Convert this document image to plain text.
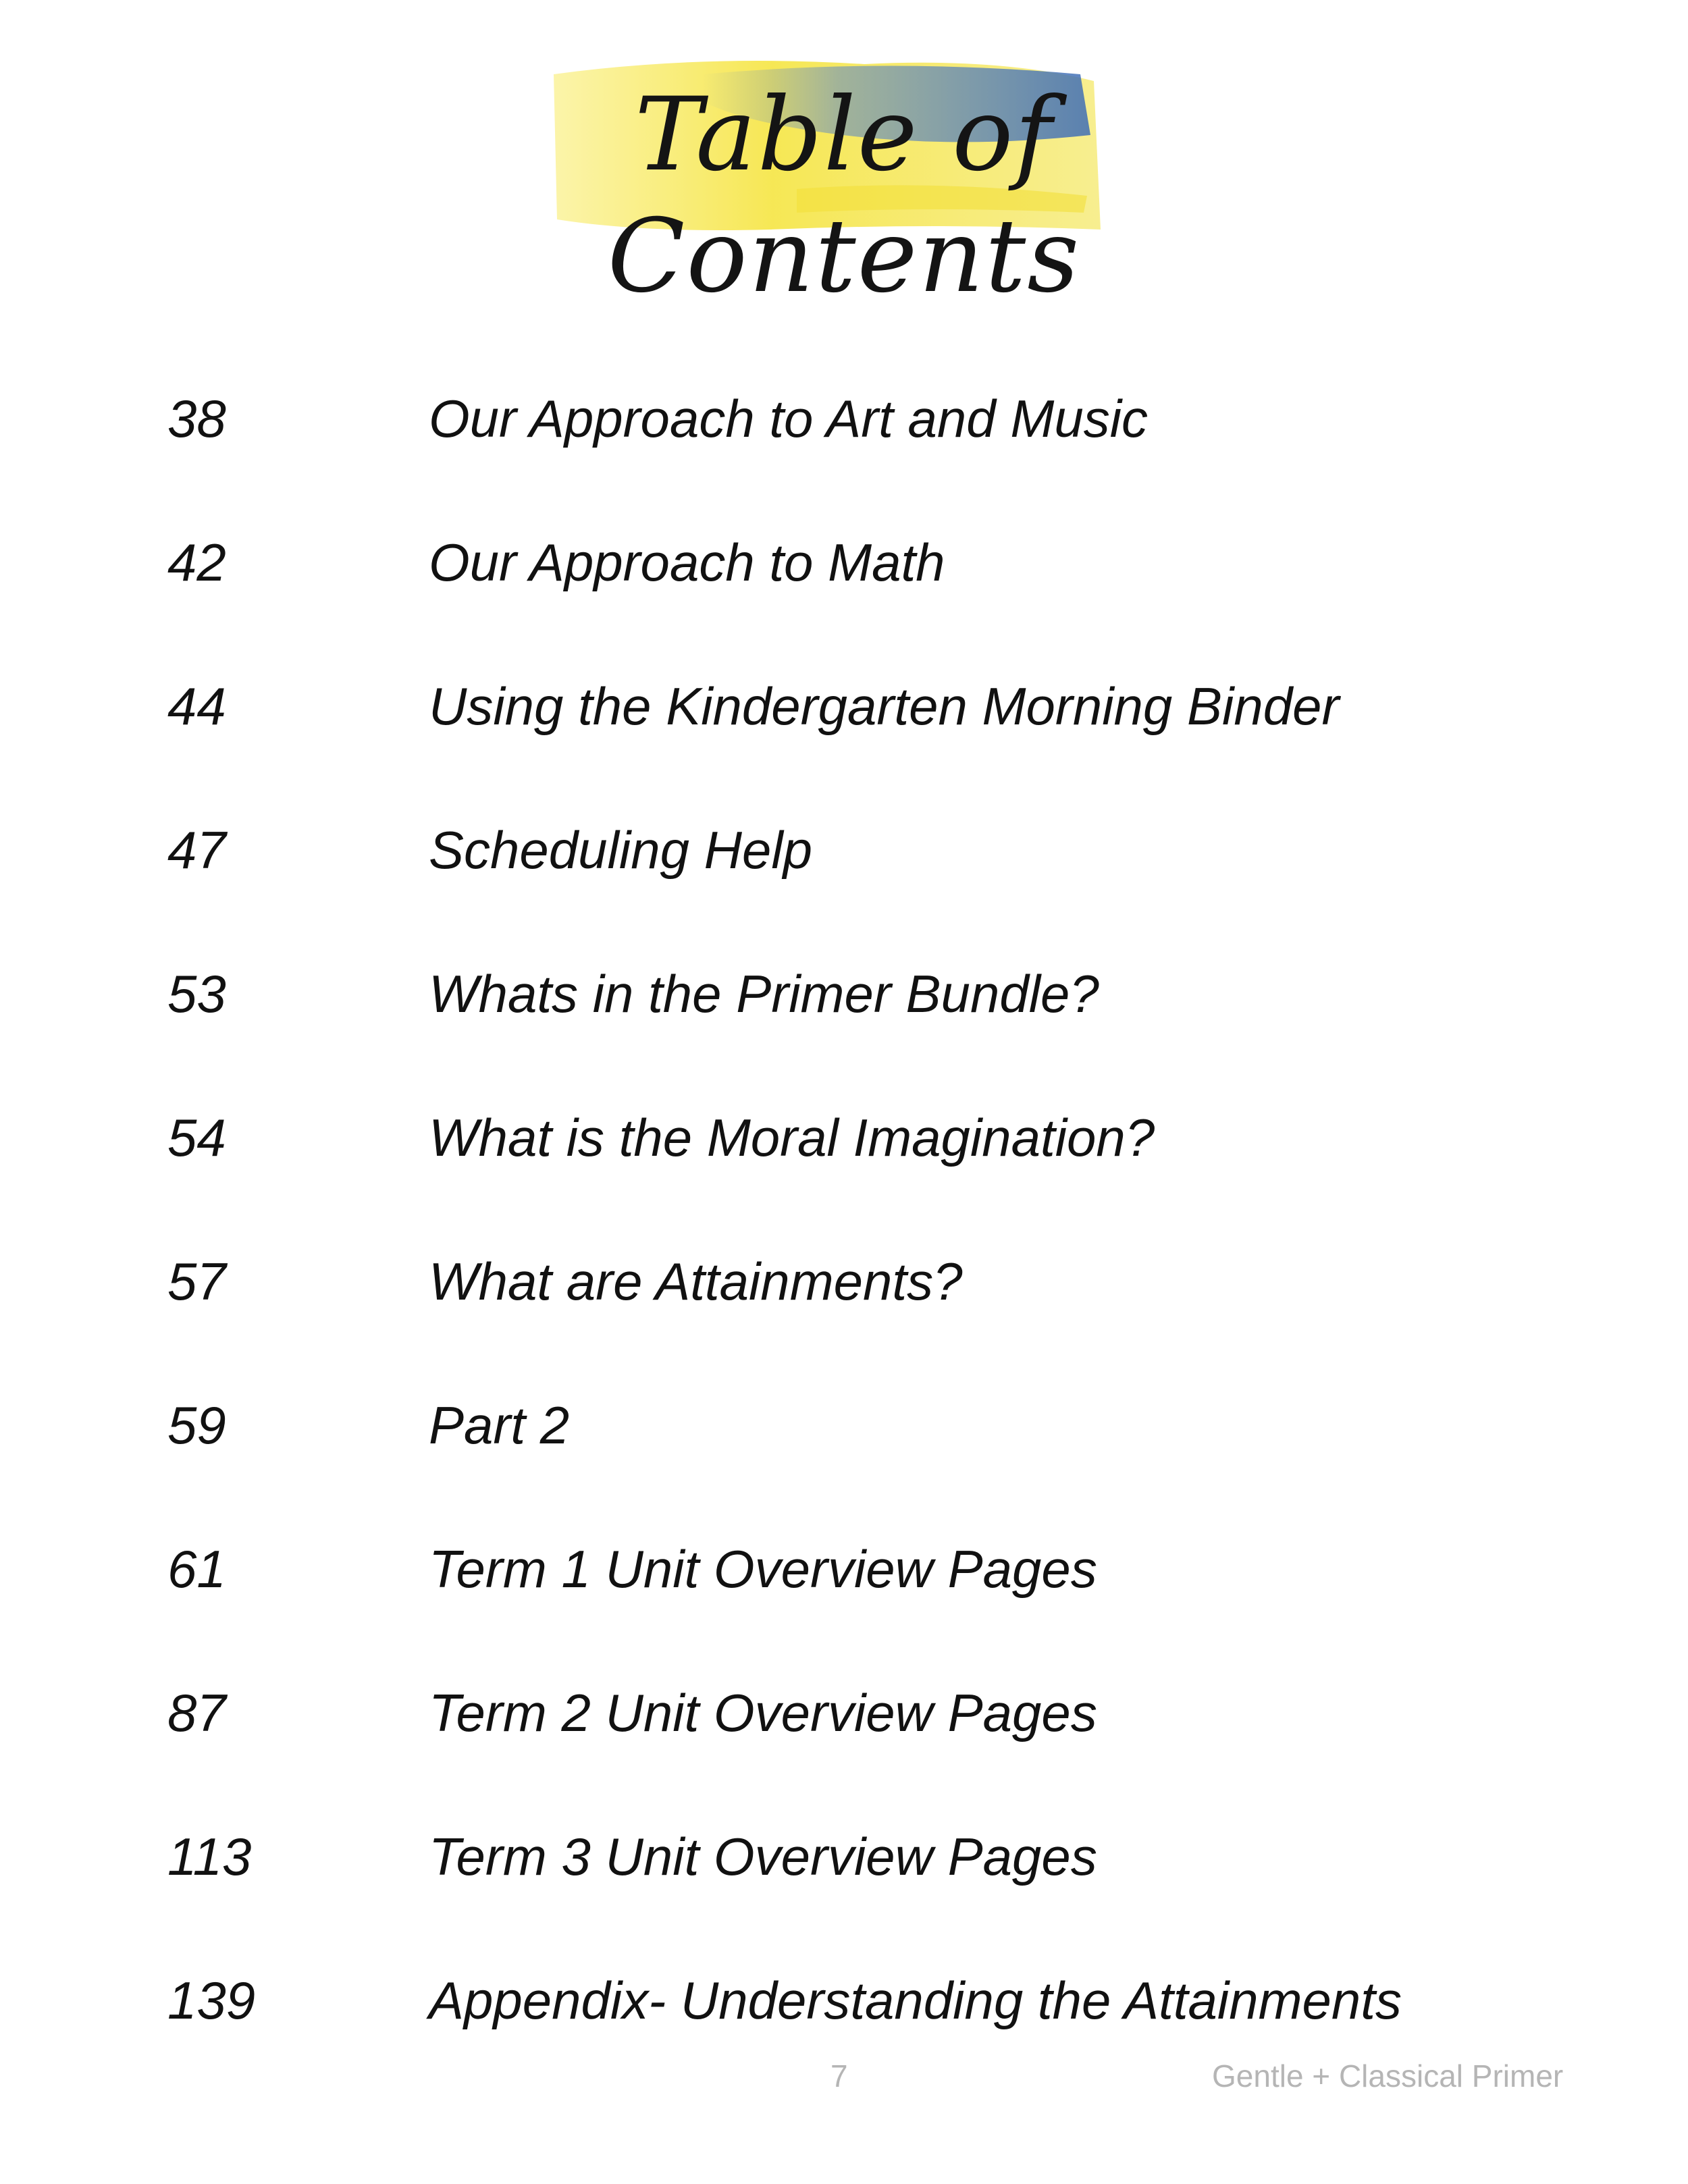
Table of Contents
38	Our Approach to Art and Music
42	Our Approach to Math
44	Using the Kindergarten Morning Binder
47	Scheduling Help
53	Whats in the Primer Bundle?
54	What is the Moral Imagination?
57	What are Attainments?
59	Part 2
61	Term 1 Unit Overview Pages
87	Term 2 Unit Overview Pages
113	Term 3 Unit Overview Pages
139	Appendix- Understanding the Attainments
7	Gentle + Classical Primer
